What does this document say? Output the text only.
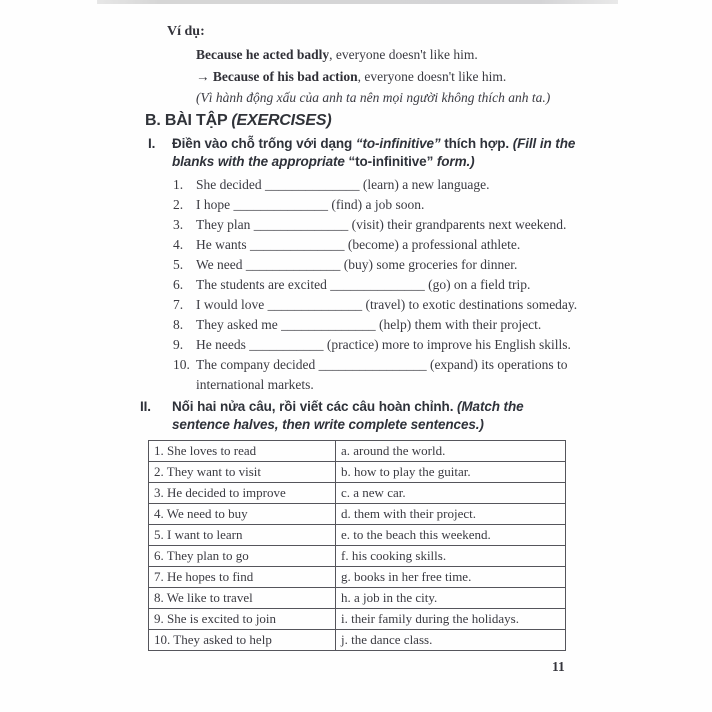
Ví dụ:
Because he acted badly, everyone doesn't like him.
→ Because of his bad action, everyone doesn't like him.
(Vì hành động xấu của anh ta nên mọi người không thích anh ta.)
B. BÀI TẬP (EXERCISES)
I.	Điền vào chỗ trống với dạng “to-infinitive” thích hợp. (Fill in the blanks with the appropriate “to-infinitive” form.)
1. She decided ______________ (learn) a new language.
2. I hope ______________ (find) a job soon.
3. They plan ______________ (visit) their grandparents next weekend.
4. He wants ______________ (become) a professional athlete.
5. We need ______________ (buy) some groceries for dinner.
6. The students are excited ______________ (go) on a field trip.
7. I would love ______________ (travel) to exotic destinations someday.
8. They asked me ______________ (help) them with their project.
9. He needs ___________ (practice) more to improve his English skills.
10. The company decided ________________ (expand) its operations to international markets.
II.	Nối hai nửa câu, rồi viết các câu hoàn chỉnh. (Match the sentence halves, then write complete sentences.)
1. She loves to read	a. around the world.
2. They want to visit	b. how to play the guitar.
3. He decided to improve	c. a new car.
4. We need to buy	d. them with their project.
5. I want to learn	e. to the beach this weekend.
6. They plan to go	f. his cooking skills.
7. He hopes to find	g. books in her free time.
8. We like to travel	h. a job in the city.
9. She is excited to join	i. their family during the holidays.
10. They asked to help	j. the dance class.
11
